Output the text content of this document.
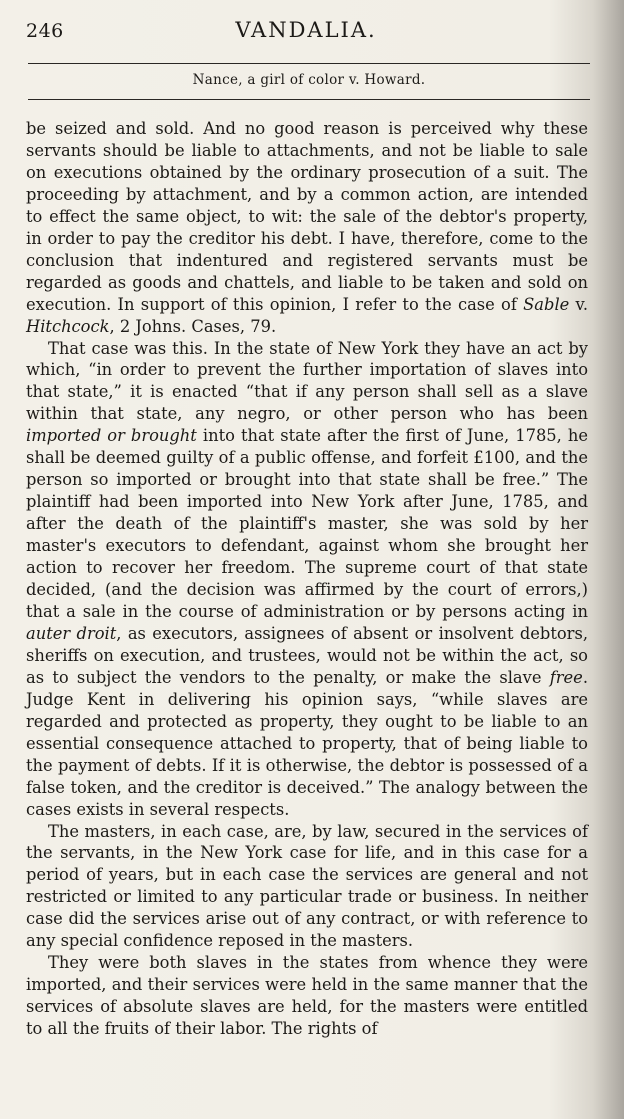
246	VANDALIA.
Nance, a girl of color v. Howard.

be seized and sold. And no good reason is perceived why these servants should be liable to attachments, and not be liable to sale on executions obtained by the ordinary prosecution of a suit. The proceeding by attachment, and by a common action, are intended to effect the same object, to wit: the sale of the debtor's property, in order to pay the creditor his debt. I have, therefore, come to the conclusion that indentured and registered servants must be regarded as goods and chattels, and liable to be taken and sold on execution. In support of this opinion, I refer to the case of Sable v. Hitchcock, 2 Johns. Cases, 79.

That case was this. In the state of New York they have an act by which, “in order to prevent the further importation of slaves into that state,” it is enacted “that if any person shall sell as a slave within that state, any negro, or other person who has been imported or brought into that state after the first of June, 1785, he shall be deemed guilty of a public offense, and forfeit £100, and the person so imported or brought into that state shall be free.” The plaintiff had been imported into New York after June, 1785, and after the death of the plaintiff's master, she was sold by her master's executors to defendant, against whom she brought her action to recover her freedom. The supreme court of that state decided, (and the decision was affirmed by the court of errors,) that a sale in the course of administration or by persons acting in auter droit, as executors, assignees of absent or insolvent debtors, sheriffs on execution, and trustees, would not be within the act, so as to subject the vendors to the penalty, or make the slave free. Judge Kent in delivering his opinion says, “while slaves are regarded and protected as property, they ought to be liable to an essential consequence attached to property, that of being liable to the payment of debts. If it is otherwise, the debtor is possessed of a false token, and the creditor is deceived.” The analogy between the cases exists in several respects.

The masters, in each case, are, by law, secured in the services of the servants, in the New York case for life, and in this case for a period of years, but in each case the services are general and not restricted or limited to any particular trade or business. In neither case did the services arise out of any contract, or with reference to any special confidence reposed in the masters.

They were both slaves in the states from whence they were imported, and their services were held in the same manner that the services of absolute slaves are held, for the masters were entitled to all the fruits of their labor. The rights of
